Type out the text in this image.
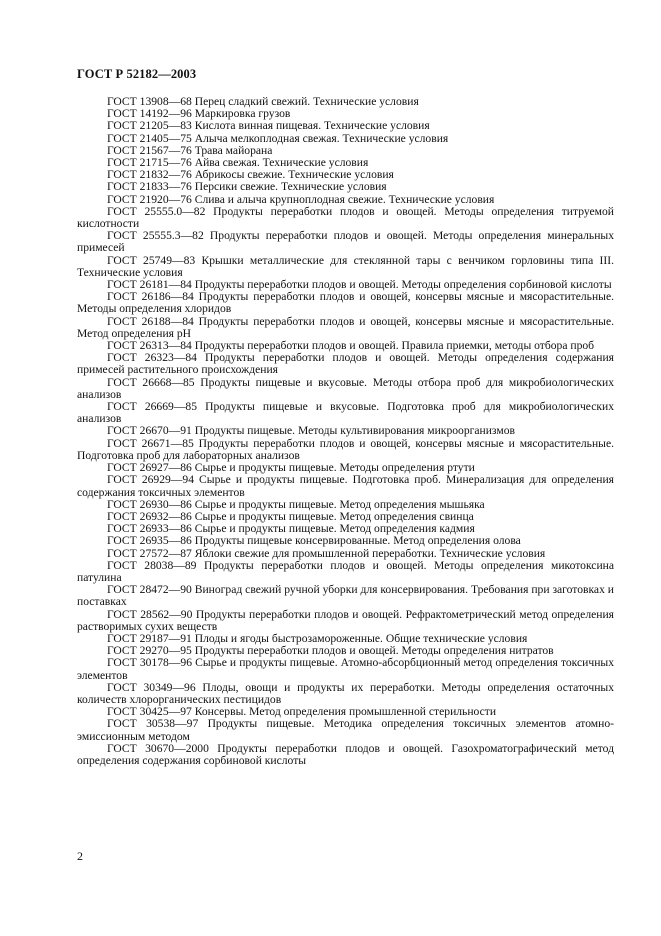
ГОСТ Р 52182—2003

ГОСТ 13908—68 Перец сладкий свежий. Технические условия

ГОСТ 14192—96 Маркировка грузов

ГОСТ 21205—83 Кислота винная пищевая. Технические условия

ГОСТ 21405—75 Алыча мелкоплодная свежая. Технические условия

ГОСТ 21567—76 Трава майорана

ГОСТ 21715—76 Айва свежая. Технические условия

ГОСТ 21832—76 Абрикосы свежие. Технические условия

ГОСТ 21833—76 Персики свежие. Технические условия

ГОСТ 21920—76 Слива и алыча крупноплодная свежие. Технические условия

ГОСТ 25555.0—82 Продукты переработки плодов и овощей. Методы определения титруемой кислотности

ГОСТ 25555.3—82 Продукты переработки плодов и овощей. Методы определения минеральных примесей

ГОСТ 25749—83 Крышки металлические для стеклянной тары с венчиком горловины типа III. Технические условия

ГОСТ 26181—84 Продукты переработки плодов и овощей. Методы определения сорбиновой кислоты

ГОСТ 26186—84 Продукты переработки плодов и овощей, консервы мясные и мясорастительные. Методы определения хлоридов

ГОСТ 26188—84 Продукты переработки плодов и овощей, консервы мясные и мясорастительные. Метод определения pH

ГОСТ 26313—84 Продукты переработки плодов и овощей. Правила приемки, методы отбора проб

ГОСТ 26323—84 Продукты переработки плодов и овощей. Методы определения содержания примесей растительного происхождения

ГОСТ 26668—85 Продукты пищевые и вкусовые. Методы отбора проб для микробиологических анализов

ГОСТ 26669—85 Продукты пищевые и вкусовые. Подготовка проб для микробиологических анализов

ГОСТ 26670—91 Продукты пищевые. Методы культивирования микроорганизмов

ГОСТ 26671—85 Продукты переработки плодов и овощей, консервы мясные и мясорастительные. Подготовка проб для лабораторных анализов

ГОСТ 26927—86 Сырье и продукты пищевые. Методы определения ртути

ГОСТ 26929—94 Сырье и продукты пищевые. Подготовка проб. Минерализация для определения содержания токсичных элементов

ГОСТ 26930—86 Сырье и продукты пищевые. Метод определения мышьяка

ГОСТ 26932—86 Сырье и продукты пищевые. Метод определения свинца

ГОСТ 26933—86 Сырье и продукты пищевые. Метод определения кадмия

ГОСТ 26935—86 Продукты пищевые консервированные. Метод определения олова

ГОСТ 27572—87 Яблоки свежие для промышленной переработки. Технические условия

ГОСТ 28038—89 Продукты переработки плодов и овощей. Методы определения микотоксина патулина

ГОСТ 28472—90 Виноград свежий ручной уборки для консервирования. Требования при заготовках и поставках

ГОСТ 28562—90 Продукты переработки плодов и овощей. Рефрактометрический метод определения растворимых сухих веществ

ГОСТ 29187—91 Плоды и ягоды быстрозамороженные. Общие технические условия

ГОСТ 29270—95 Продукты переработки плодов и овощей. Методы определения нитратов

ГОСТ 30178—96 Сырье и продукты пищевые. Атомно-абсорбционный метод определения токсичных элементов

ГОСТ 30349—96 Плоды, овощи и продукты их переработки. Методы определения остаточных количеств хлорорганических пестицидов

ГОСТ 30425—97 Консервы. Метод определения промышленной стерильности

ГОСТ 30538—97 Продукты пищевые. Методика определения токсичных элементов атомно-эмиссионным методом

ГОСТ 30670—2000 Продукты переработки плодов и овощей. Газохроматографический метод определения содержания сорбиновой кислоты

2
